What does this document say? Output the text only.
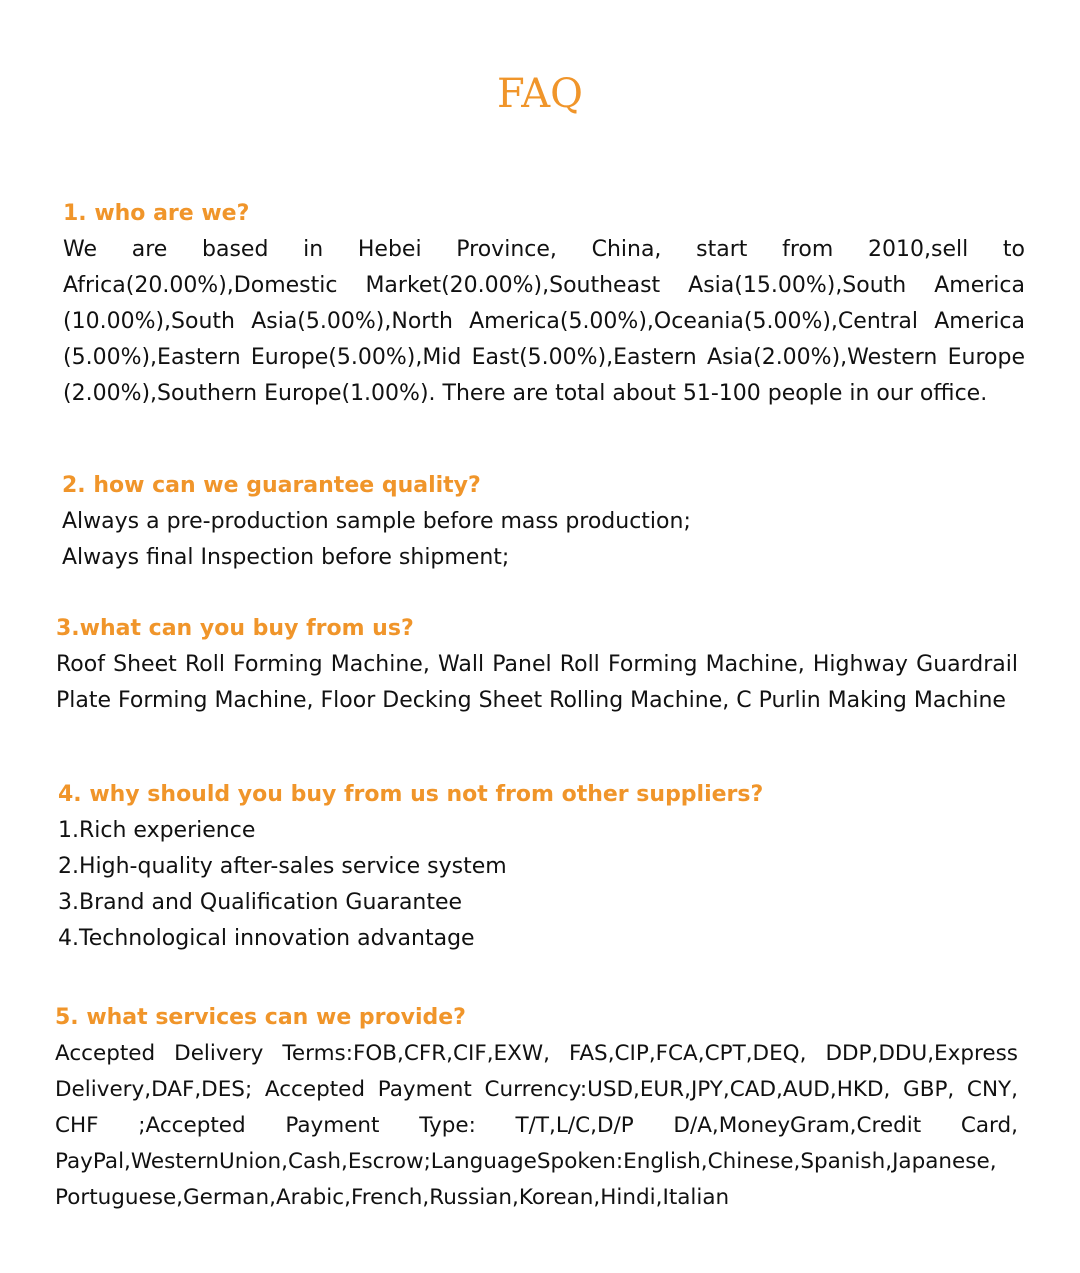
FAQ
1. who are we?
We are based in Hebei Province, China, start from 2010,sell to Africa(20.00%),Domestic Market(20.00%),Southeast Asia(15.00%),South America (10.00%),South Asia(5.00%),North America(5.00%),Oceania(5.00%),Central America (5.00%),Eastern Europe(5.00%),Mid East(5.00%),Eastern Asia(2.00%),Western Europe (2.00%),Southern Europe(1.00%). There are total about 51-100 people in our office.
2. how can we guarantee quality?
Always a pre-production sample before mass production;
Always final Inspection before shipment;
3.what can you buy from us?
Roof Sheet Roll Forming Machine, Wall Panel Roll Forming Machine, Highway Guardrail Plate Forming Machine, Floor Decking Sheet Rolling Machine, C Purlin Making Machine
4. why should you buy from us not from other suppliers?
1.Rich experience
2.High-quality after-sales service system
3.Brand and Qualification Guarantee
4.Technological innovation advantage
5. what services can we provide?
Accepted Delivery Terms:FOB,CFR,CIF,EXW, FAS,CIP,FCA,CPT,DEQ, DDP,DDU,Express Delivery,DAF,DES; Accepted Payment Currency:USD,EUR,JPY,CAD,AUD,HKD, GBP, CNY, CHF ;Accepted Payment Type: T/T,L/C,D/P D/A,MoneyGram,Credit Card, PayPal,WesternUnion,Cash,Escrow;LanguageSpoken:English,Chinese,Spanish,Japanese, Portuguese,German,Arabic,French,Russian,Korean,Hindi,Italian
